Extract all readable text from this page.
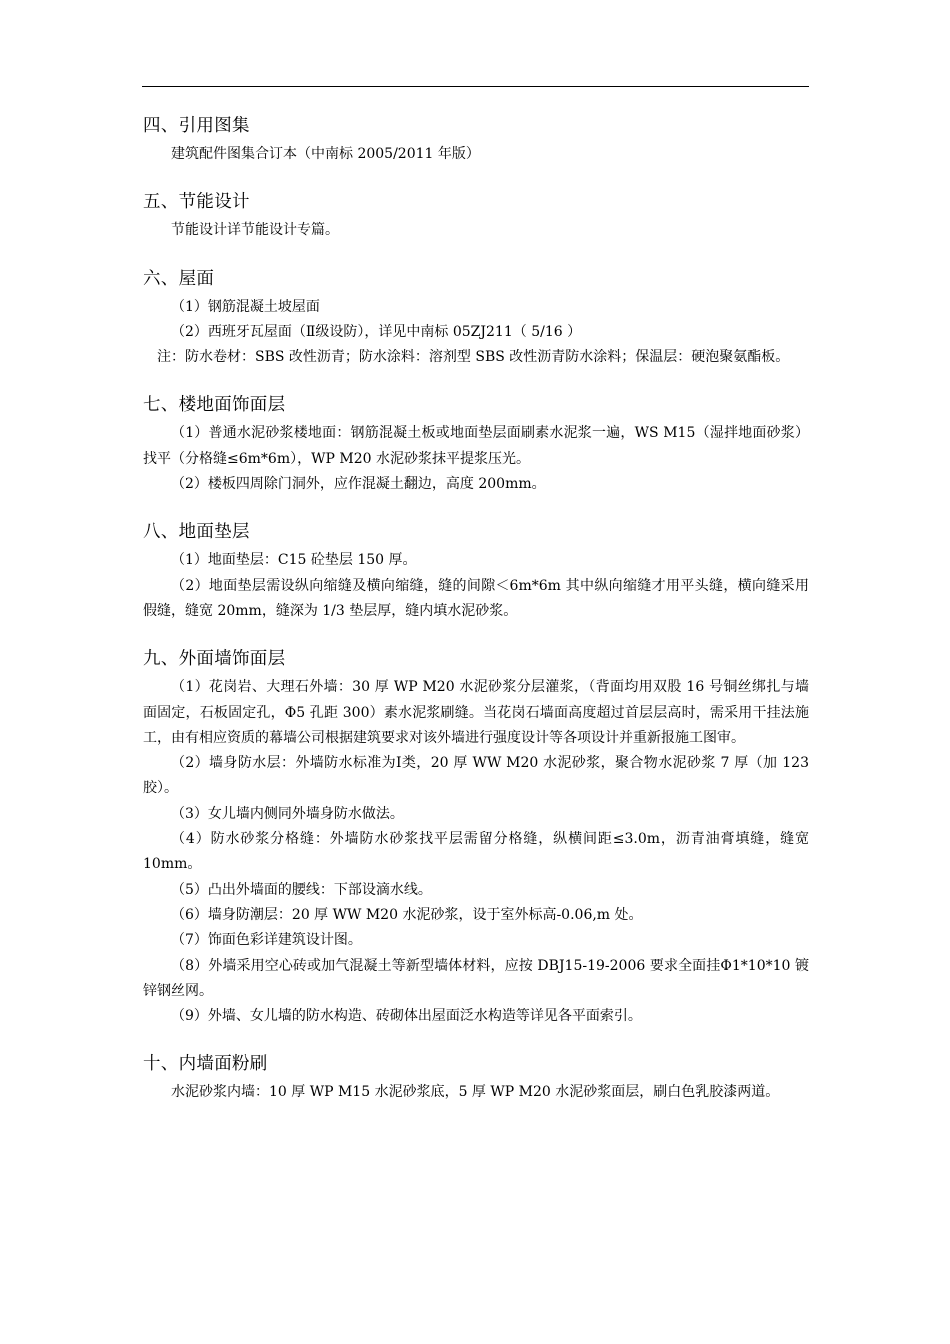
四、引用图集

建筑配件图集合订本（中南标 2005/2011 年版）

五、节能设计

节能设计详节能设计专篇。

六、屋面

（1）钢筋混凝土坡屋面

（2）西班牙瓦屋面（Ⅱ级设防），详见中南标 05ZJ211（ 5/16 ）

注：防水卷材：SBS 改性沥青；防水涂料：溶剂型 SBS 改性沥青防水涂料；保温层：硬泡聚氨酯板。

七、楼地面饰面层

（1）普通水泥砂浆楼地面：钢筋混凝土板或地面垫层面刷素水泥浆一遍，WS M15（湿拌地面砂浆）找平（分格缝≤6m*6m），WP M20 水泥砂浆抹平提浆压光。

（2）楼板四周除门洞外，应作混凝土翻边，高度 200mm。

八、地面垫层

（1）地面垫层：C15 砼垫层 150 厚。

（2）地面垫层需设纵向缩缝及横向缩缝，缝的间隙＜6m*6m 其中纵向缩缝才用平头缝，横向缝采用假缝，缝宽 20mm，缝深为 1/3 垫层厚，缝内填水泥砂浆。

九、外面墙饰面层

（1）花岗岩、大理石外墙：30 厚 WP M20 水泥砂浆分层灌浆，（背面均用双股 16 号铜丝绑扎与墙面固定，石板固定孔，Φ5 孔距 300）素水泥浆刷缝。当花岗石墙面高度超过首层层高时，需采用干挂法施工，由有相应资质的幕墙公司根据建筑要求对该外墙进行强度设计等各项设计并重新报施工图审。

（2）墙身防水层：外墙防水标准为Ⅰ类，20 厚 WW M20 水泥砂浆，聚合物水泥砂浆 7 厚（加 123 胶）。

（3）女儿墙内侧同外墙身防水做法。

（4）防水砂浆分格缝：外墙防水砂浆找平层需留分格缝，纵横间距≤3.0m，沥青油膏填缝，缝宽 10mm。

（5）凸出外墙面的腰线：下部设滴水线。

（6）墙身防潮层：20 厚 WW M20 水泥砂浆，设于室外标高-0.06,m 处。

（7）饰面色彩详建筑设计图。

（8）外墙采用空心砖或加气混凝土等新型墙体材料，应按 DBJ15-19-2006 要求全面挂Φ1*10*10 镀锌钢丝网。

（9）外墙、女儿墙的防水构造、砖砌体出屋面泛水构造等详见各平面索引。

十、内墙面粉刷

水泥砂浆内墙：10 厚 WP M15 水泥砂浆底，5 厚 WP M20 水泥砂浆面层，刷白色乳胶漆两道。
